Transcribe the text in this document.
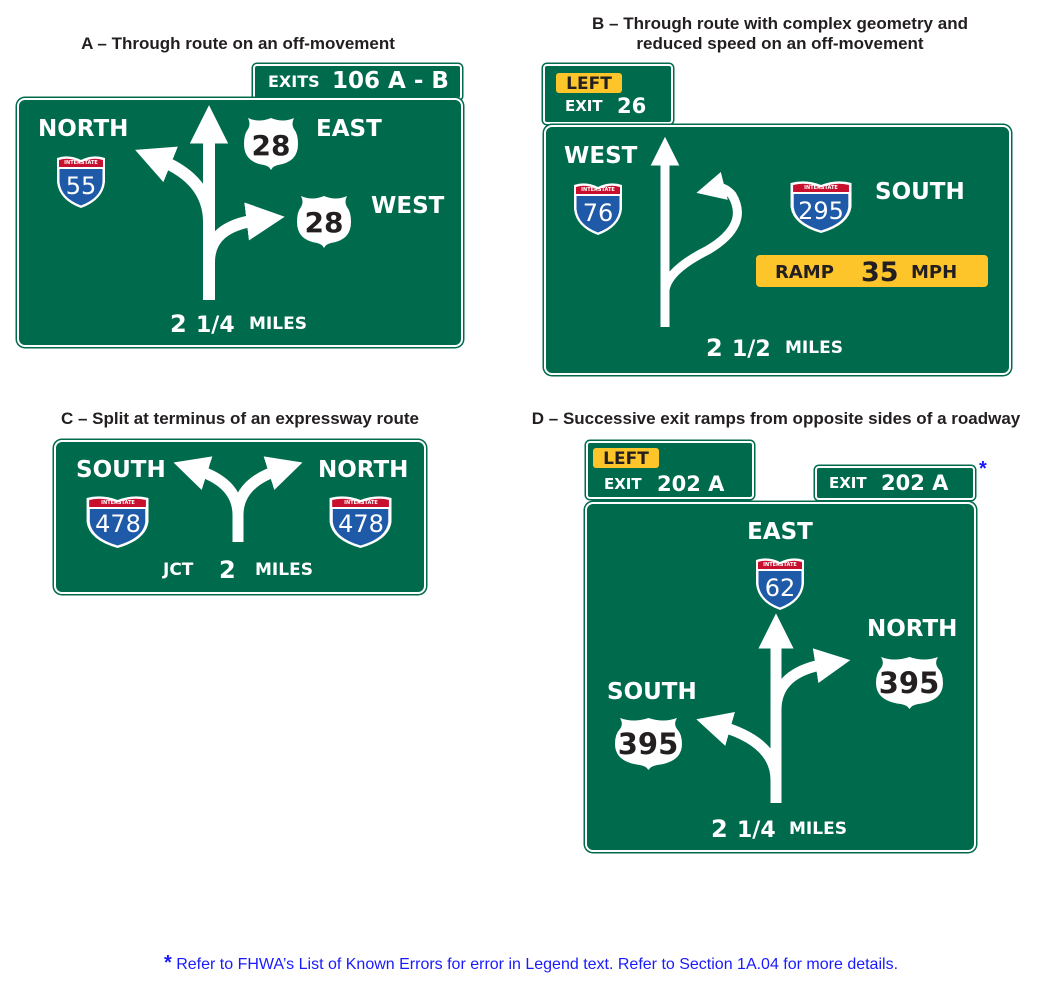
A – Through route on an off-movement
B – Through route with complex geometry and
reduced speed on an off-movement
C – Split at terminus of an expressway route	D – Successive exit ramps from opposite sides of a roadway
*
EXITS 106 A - B
NORTH
INTERSTATE
55
28 EAST
28 WEST
2 1/4 MILES
LEFT
EXIT 26
WEST
INTERSTATE
76
INTERSTATE
295
SOUTH
RAMP 35 MPH
2 1/2 MILES
SOUTH
INTERSTATE
478
NORTH
INTERSTATE
478
JCT 2 MILES
LEFT
EXIT 202 A	EXIT 202 A
EAST
INTERSTATE
62
NORTH
395
SOUTH
395
2 1/4 MILES
* Refer to FHWA’s List of Known Errors for error in Legend text. Refer to Section 1A.04 for more details.
